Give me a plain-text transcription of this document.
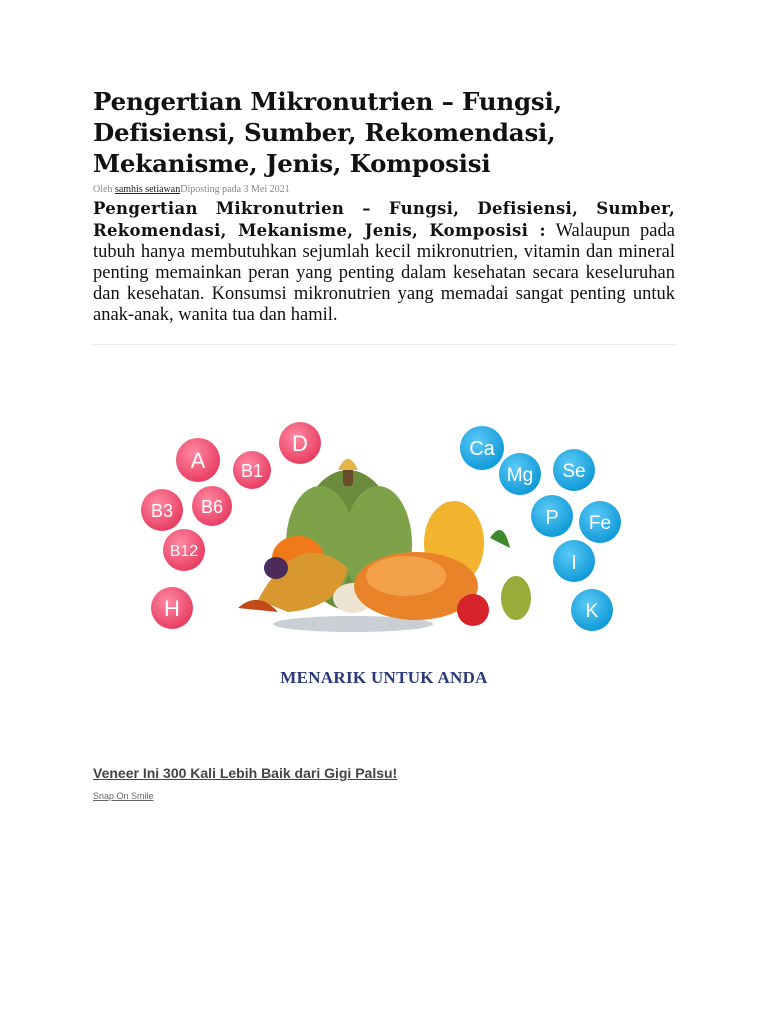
Pengertian Mikronutrien – Fungsi, Defisiensi, Sumber, Rekomendasi, Mekanisme, Jenis, Komposisi
Oleh samhis setiawanDiposting pada 3 Mei 2021

Pengertian Mikronutrien – Fungsi, Defisiensi, Sumber, Rekomendasi, Mekanisme, Jenis, Komposisi : Walaupun pada tubuh hanya membutuhkan sejumlah kecil mikronutrien, vitamin dan mineral penting memainkan peran yang penting dalam kesehatan secara keseluruhan dan kesehatan. Konsumsi mikronutrien yang memadai sangat penting untuk anak-anak, wanita tua dan hamil.

A B1
D
B3 B6
B12
H
Ca
Mg Se
P Fe
I
K
MENARIK UNTUK ANDA
Veneer Ini 300 Kali Lebih Baik dari Gigi Palsu!
Snap On Smile
